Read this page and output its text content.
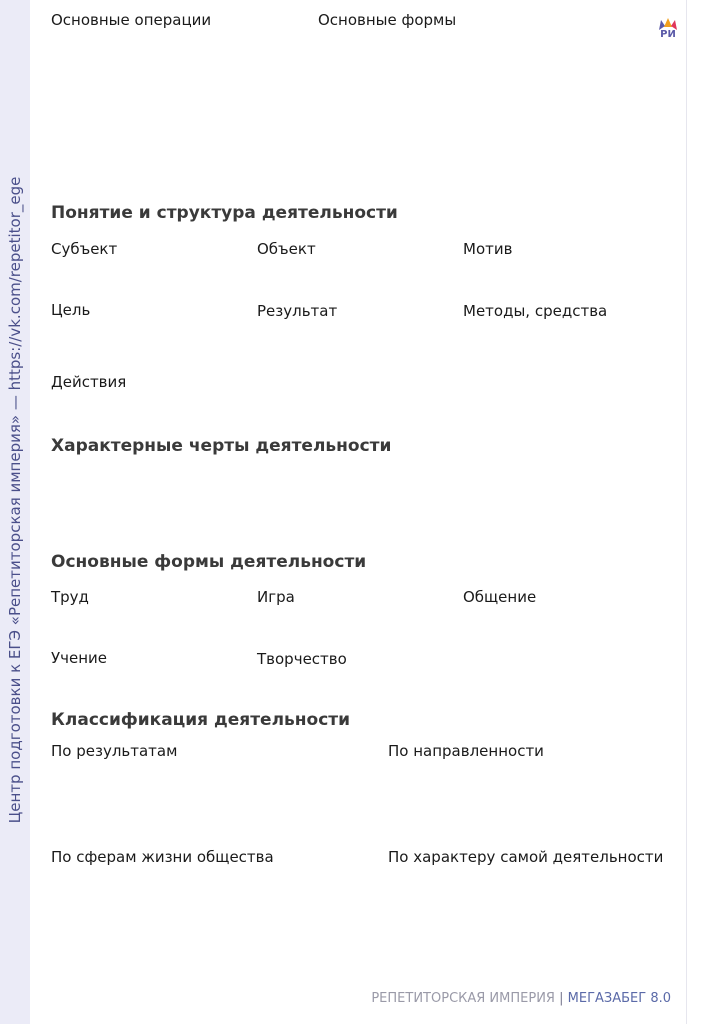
Центр подготовки к ЕГЭ «Репетиторская империя» — https://vk.com/repetitor_ege
РИ
Основные операции	Основные формы
Понятие и структура деятельности
Субъект	Объект	Мотив
Цель	Результат	Методы, средства
Действия
Характерные черты деятельности
Основные формы деятельности
Труд	Игра	Общение
Учение	Творчество
Классификация деятельности
По результатам	По направленности
По сферам жизни общества	По характеру самой деятельности
РЕПЕТИТОРСКАЯ ИМПЕРИЯ | МЕГАЗАБЕГ 8.0
